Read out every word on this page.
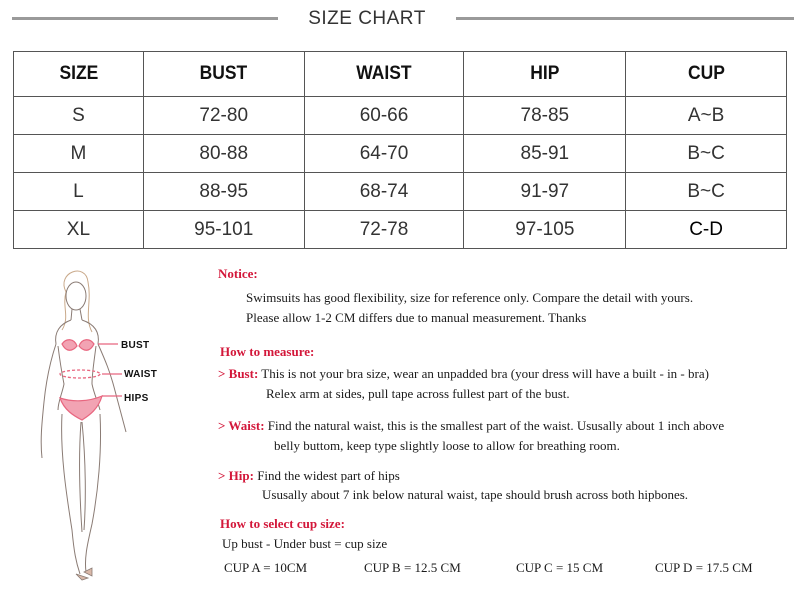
SIZE CHART
SIZE	BUST	WAIST	HIP	CUP
S	72-80	60-66	78-85	A~B
M	80-88	64-70	85-91	B~C
L	88-95	68-74	91-97	B~C
XL	95-101	72-78	97-105	C-D
BUST
WAIST
HIPS

Notice:

Swimsuits has good flexibility, size for reference only. Compare the detail with yours.

Please allow 1-2 CM differs due to manual measurement. Thanks

How to measure:

> Bust: This is not your bra size, wear an unpadded bra (your dress will have a built - in - bra)

Relex arm at sides, pull tape across fullest part of the bust.

> Waist: Find the natural waist, this is the smallest part of the waist. Ususally about 1 inch above

belly buttom, keep type slightly loose to allow for breathing room.

> Hip: Find the widest part of hips

Ususally about 7 ink below natural waist, tape should brush across both hipbones.

How to select cup size:

Up bust - Under bust = cup size

CUP A = 10CM	CUP B = 12.5 CM	CUP C = 15 CM	CUP D = 17.5 CM
